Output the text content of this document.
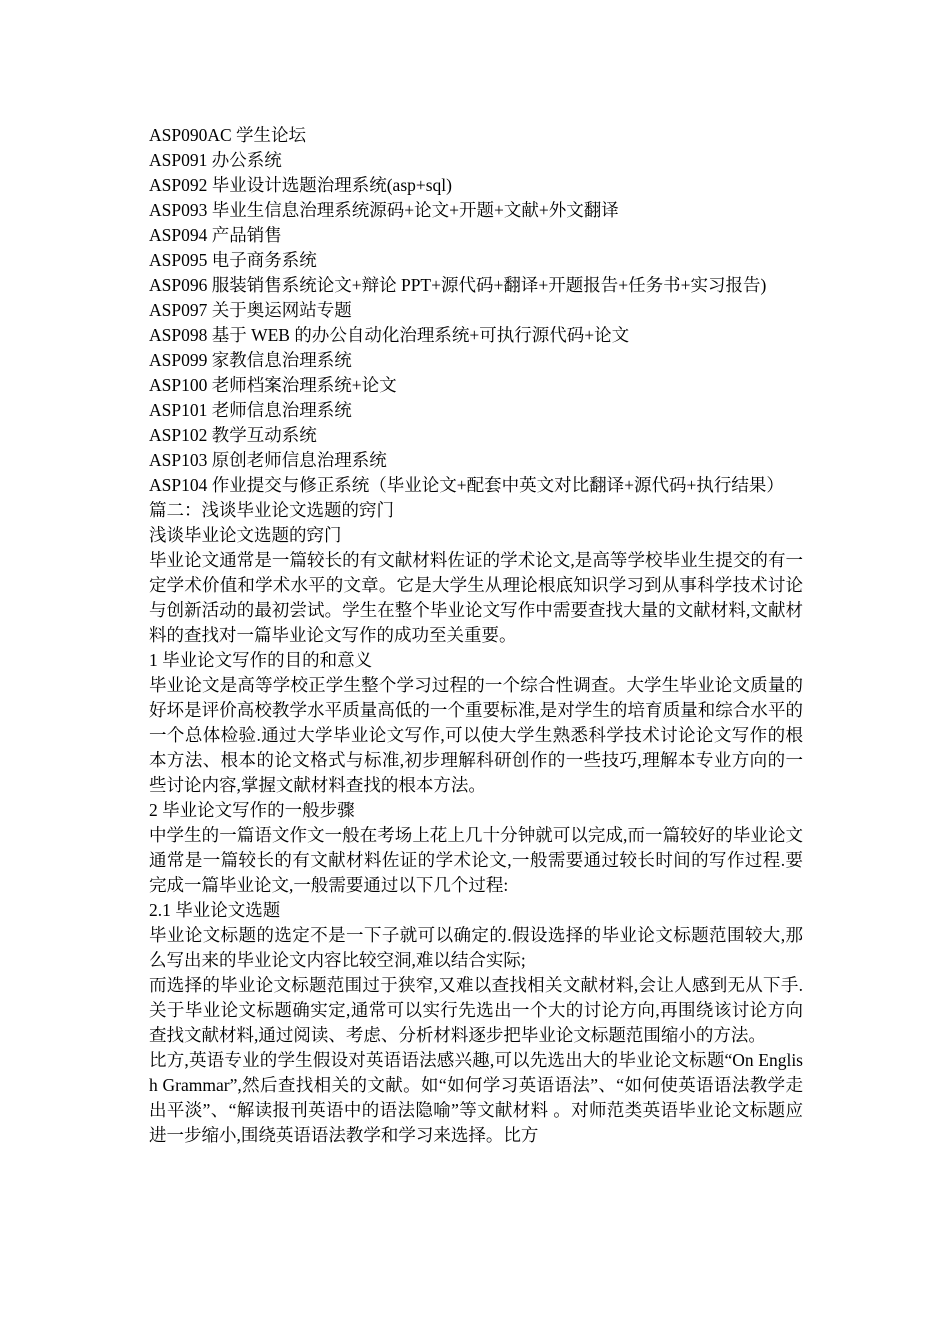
ASP090AC 学生论坛

ASP091 办公系统

ASP092 毕业设计选题治理系统(asp+sql)

ASP093 毕业生信息治理系统源码+论文+开题+文献+外文翻译

ASP094 产品销售

ASP095 电子商务系统

ASP096 服装销售系统论文+辩论 PPT+源代码+翻译+开题报告+任务书+实习报告)

ASP097 关于奥运网站专题

ASP098 基于 WEB 的办公自动化治理系统+可执行源代码+论文

ASP099 家教信息治理系统

ASP100 老师档案治理系统+论文

ASP101 老师信息治理系统

ASP102 教学互动系统

ASP103 原创老师信息治理系统

ASP104 作业提交与修正系统（毕业论文+配套中英文对比翻译+源代码+执行结果）

篇二：浅谈毕业论文选题的窍门

浅谈毕业论文选题的窍门

毕业论文通常是一篇较长的有文献材料佐证的学术论文,是高等学校毕业生提交的有一定学术价值和学术水平的文章。它是大学生从理论根底知识学习到从事科学技术讨论与创新活动的最初尝试。学生在整个毕业论文写作中需要查找大量的文献材料,文献材料的查找对一篇毕业论文写作的成功至关重要。

1 毕业论文写作的目的和意义

毕业论文是高等学校正学生整个学习过程的一个综合性调查。大学生毕业论文质量的好坏是评价高校教学水平质量高低的一个重要标准,是对学生的培育质量和综合水平的一个总体检验.通过大学毕业论文写作,可以使大学生熟悉科学技术讨论论文写作的根本方法、根本的论文格式与标准,初步理解科研创作的一些技巧,理解本专业方向的一些讨论内容,掌握文献材料查找的根本方法。

2 毕业论文写作的一般步骤

中学生的一篇语文作文一般在考场上花上几十分钟就可以完成,而一篇较好的毕业论文通常是一篇较长的有文献材料佐证的学术论文,一般需要通过较长时间的写作过程.要完成一篇毕业论文,一般需要通过以下几个过程:

2.1 毕业论文选题

毕业论文标题的选定不是一下子就可以确定的.假设选择的毕业论文标题范围较大,那么写出来的毕业论文内容比较空洞,难以结合实际;

而选择的毕业论文标题范围过于狭窄,又难以查找相关文献材料,会让人感到无从下手.关于毕业论文标题确实定,通常可以实行先选出一个大的讨论方向,再围绕该讨论方向查找文献材料,通过阅读、考虑、分析材料逐步把毕业论文标题范围缩小的方法。

比方,英语专业的学生假设对英语语法感兴趣,可以先选出大的毕业论文标题“On English Grammar”,然后查找相关的文献。如“如何学习英语语法”、“如何使英语语法教学走出平淡”、“解读报刊英语中的语法隐喻”等文献材料 。对师范类英语毕业论文标题应进一步缩小,围绕英语语法教学和学习来选择。比方
